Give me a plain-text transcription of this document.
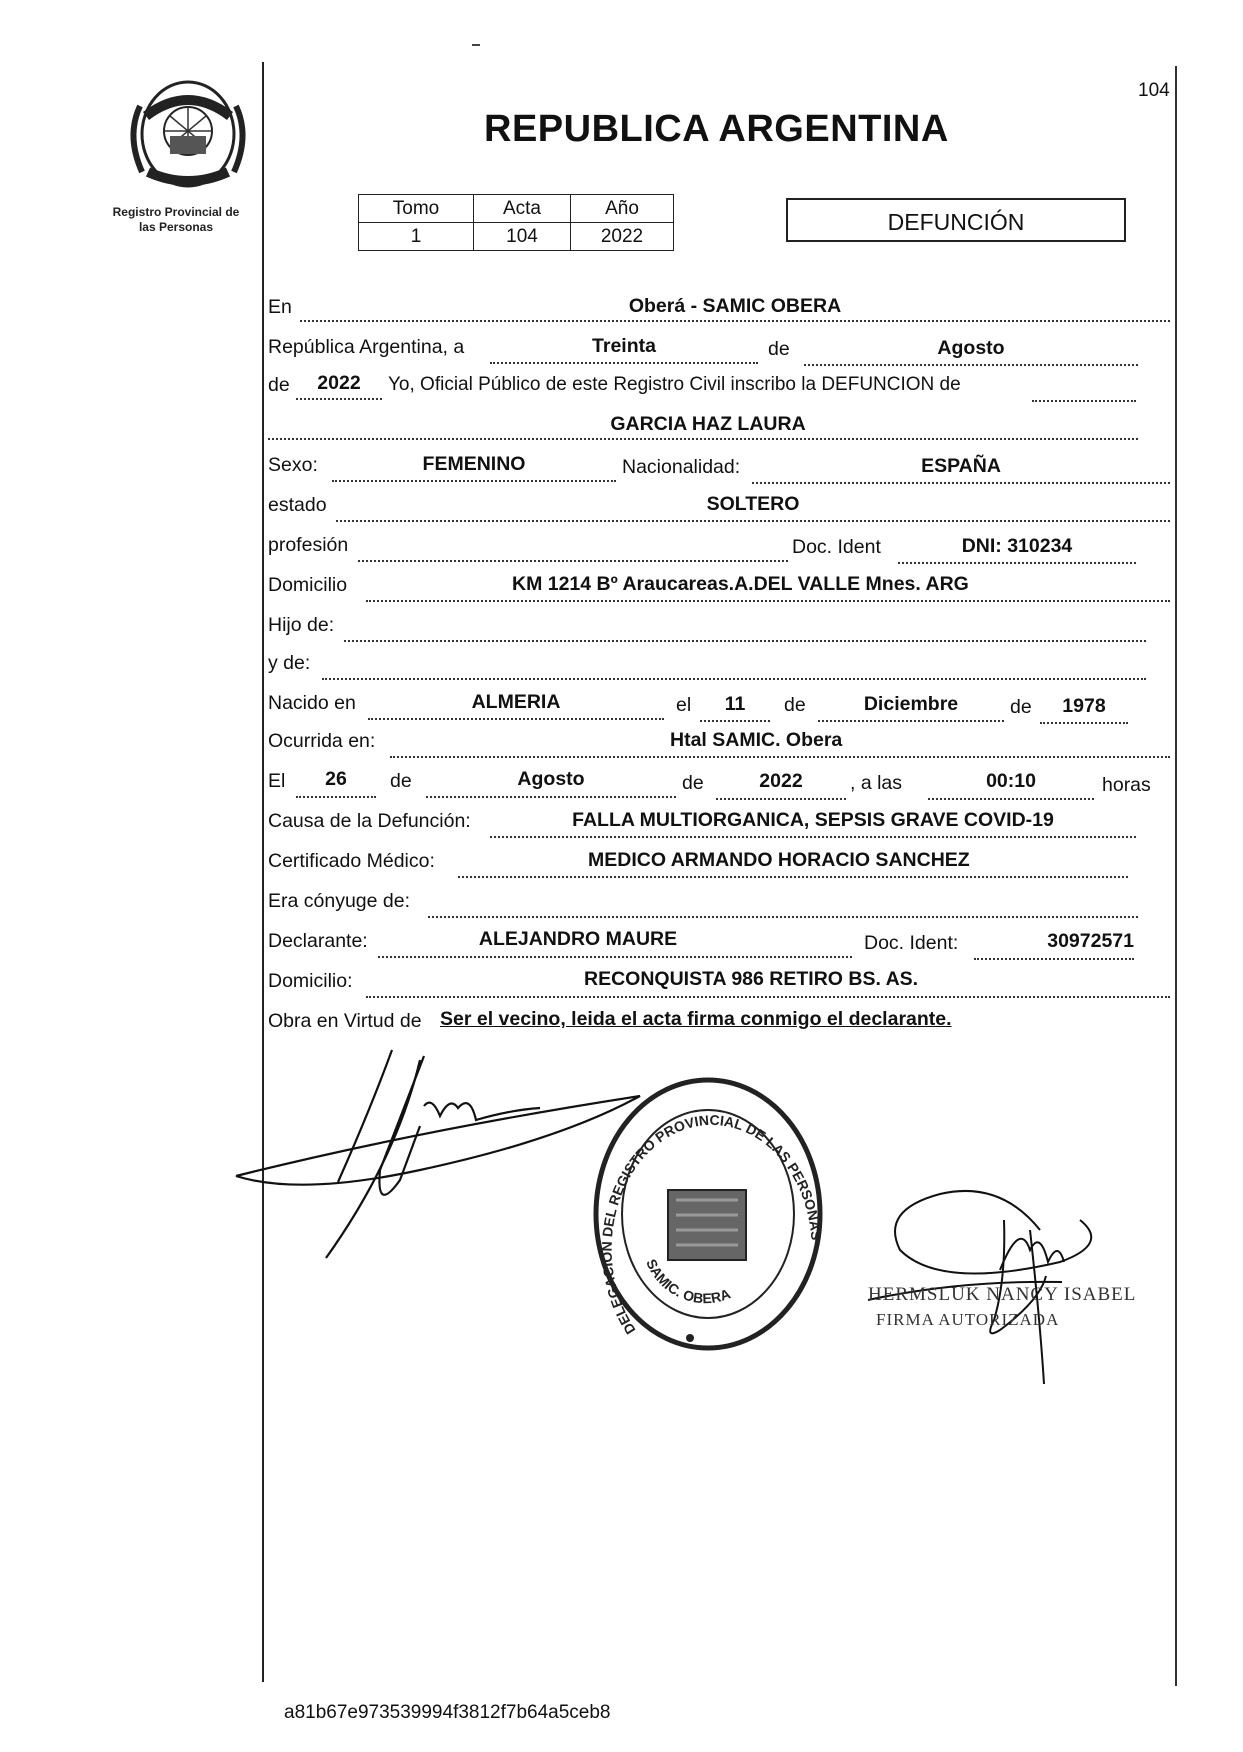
104
Registro Provincial de
las Personas
REPUBLICA ARGENTINA
Tomo	Acta	Año
1	104	2022
DEFUNCIÓN
En	Oberá - SAMIC OBERA
República Argentina, a	Treinta	de	Agosto
de	2022	Yo, Oficial Público de este Registro Civil inscribo la DEFUNCION de
GARCIA HAZ LAURA
Sexo:	FEMENINO	Nacionalidad:	ESPAÑA
estado	SOLTERO
profesión	Doc. Ident	DNI: 310234
Domicilio	KM 1214 Bº Araucareas.A.DEL VALLE Mnes. ARG
Hijo de:
y de:
Nacido en	ALMERIA	el	11	de	Diciembre	de	1978
Ocurrida en:	Htal SAMIC. Obera
El	26	de	Agosto	de	2022	, a las	00:10	horas
Causa de la Defunción:	FALLA MULTIORGANICA, SEPSIS GRAVE COVID-19
Certificado Médico:	MEDICO ARMANDO HORACIO SANCHEZ
Era cónyuge de:
Declarante:	ALEJANDRO MAURE	Doc. Ident:	30972571
Domicilio:	RECONQUISTA 986 RETIRO BS. AS.
Obra en Virtud de Ser el vecino, leida el acta firma conmigo el declarante.
DELEGACIÓN DEL REGISTRO PROVINCIAL DE LAS PERSONAS
SAMIC. OBERA	HERMSLUK NANCY ISABEL
FIRMA AUTORIZADA
a81b67e973539994f3812f7b64a5ceb8
